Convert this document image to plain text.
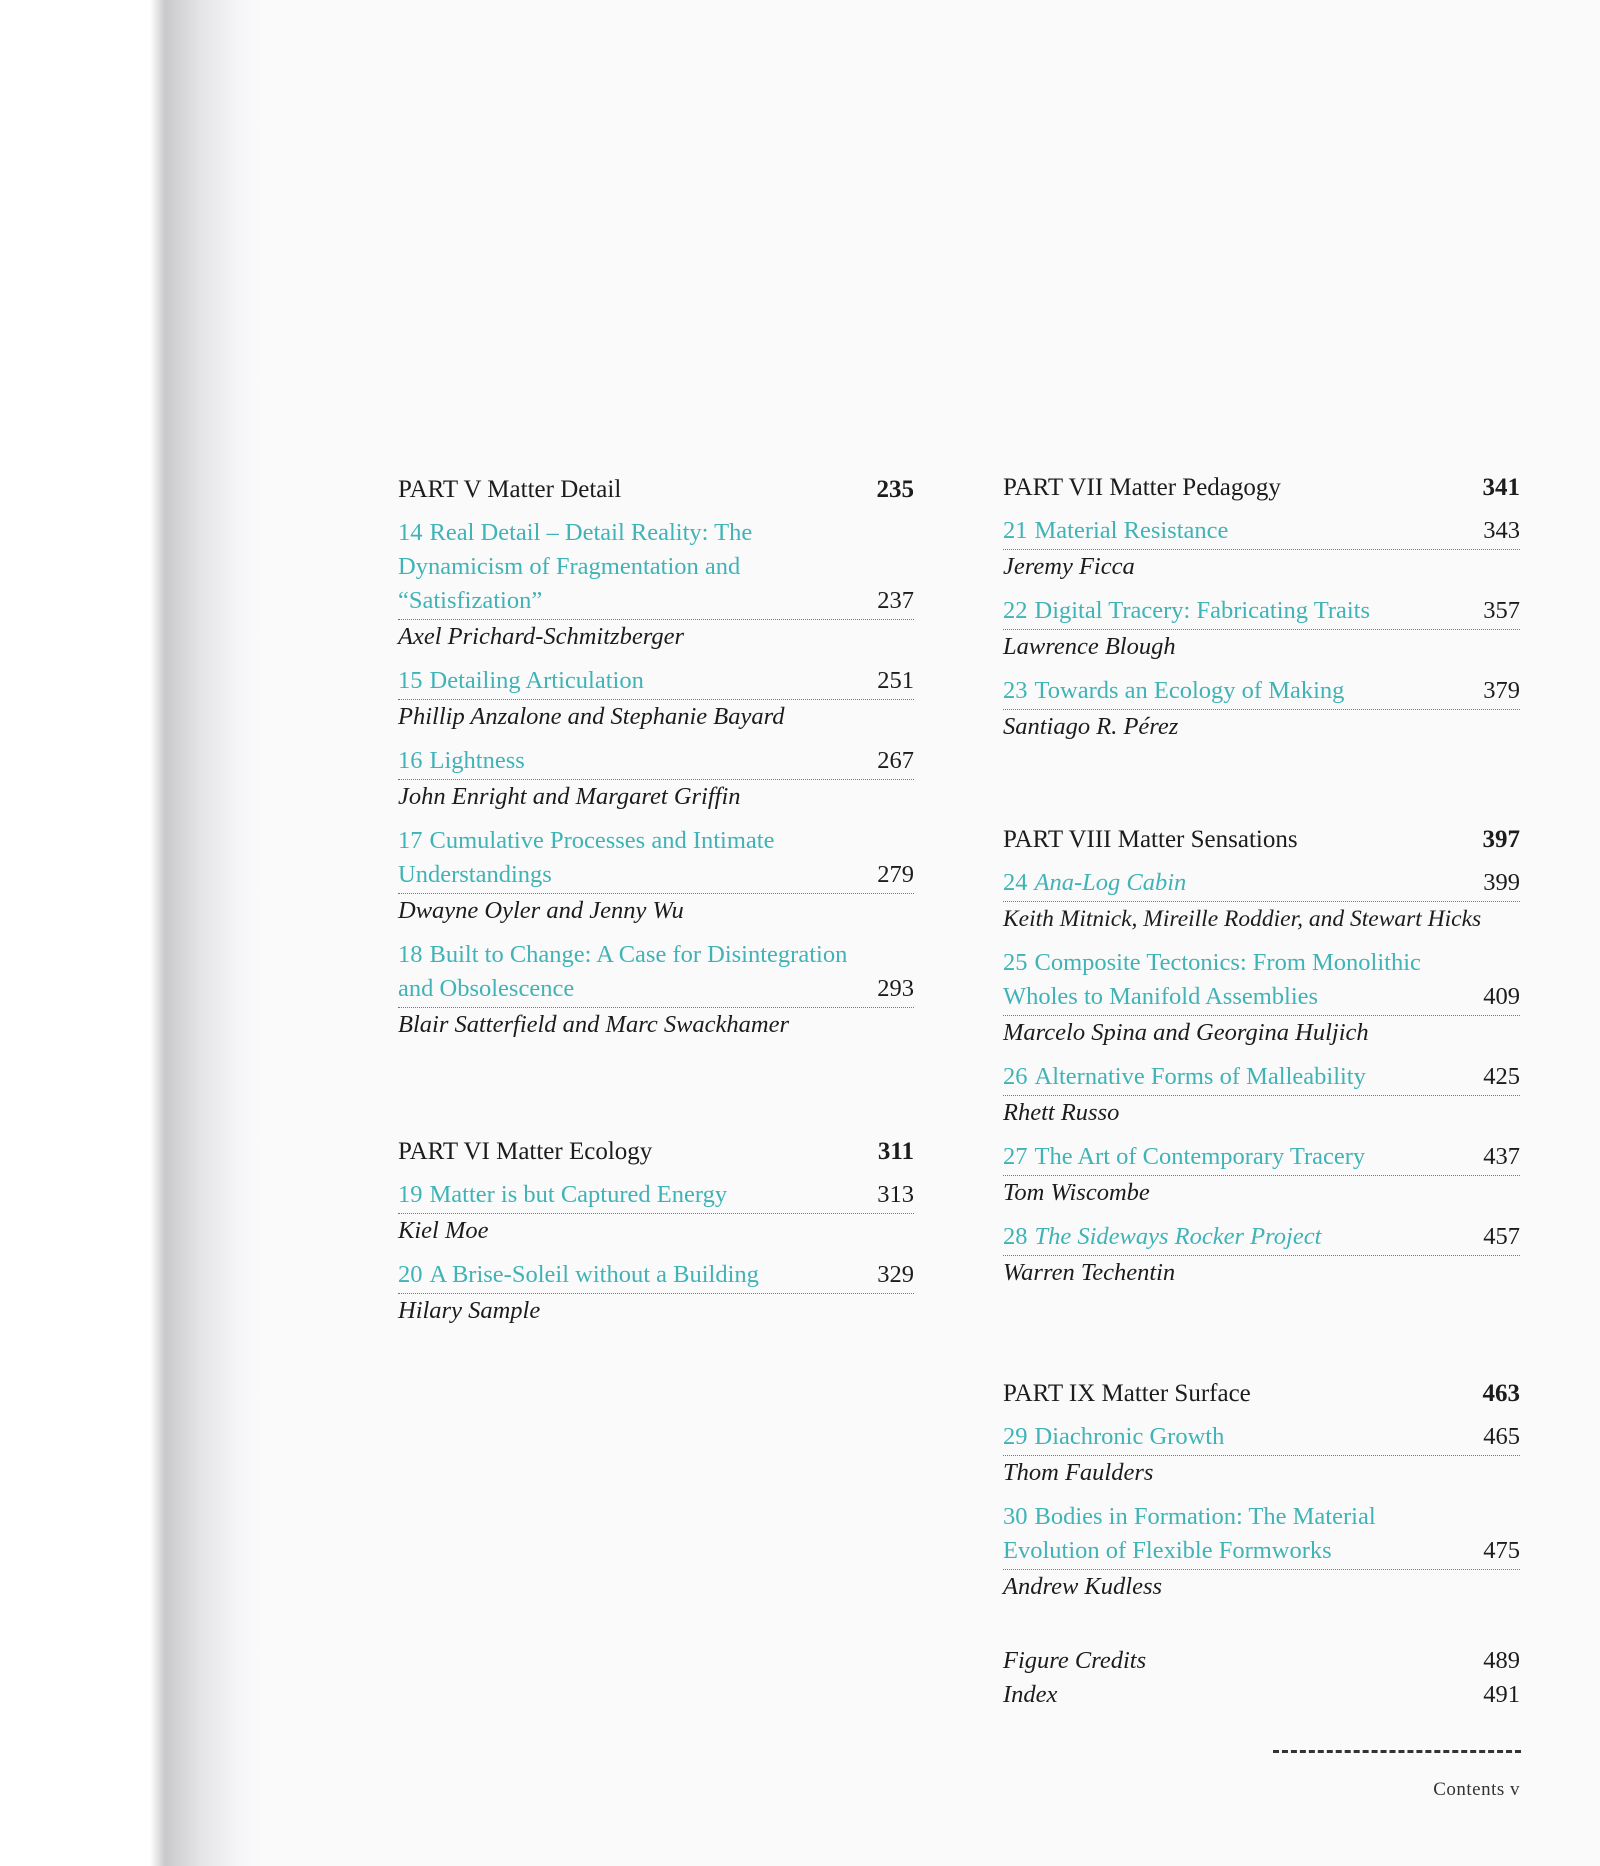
PART V Matter Detail	235
14 Real Detail – Detail Reality: The Dynamicism of Fragmentation and “Satisfization”	237
Axel Prichard-Schmitzberger
15 Detailing Articulation	251
Phillip Anzalone and Stephanie Bayard
16 Lightness	267
John Enright and Margaret Griffin
17 Cumulative Processes and Intimate Understandings	279
Dwayne Oyler and Jenny Wu
18 Built to Change: A Case for Disintegration and Obsolescence	293
Blair Satterfield and Marc Swackhamer
PART VI Matter Ecology	311
19 Matter is but Captured Energy	313
Kiel Moe
20 A Brise-Soleil without a Building	329
Hilary Sample
PART VII Matter Pedagogy	341
21 Material Resistance	343
Jeremy Ficca
22 Digital Tracery: Fabricating Traits	357
Lawrence Blough
23 Towards an Ecology of Making	379
Santiago R. Pérez
PART VIII Matter Sensations	397
24 Ana-Log Cabin	399
Keith Mitnick, Mireille Roddier, and Stewart Hicks
25 Composite Tectonics: From Monolithic Wholes to Manifold Assemblies	409
Marcelo Spina and Georgina Huljich
26 Alternative Forms of Malleability	425
Rhett Russo
27 The Art of Contemporary Tracery	437
Tom Wiscombe
28 The Sideways Rocker Project	457
Warren Techentin
PART IX Matter Surface	463
29 Diachronic Growth	465
Thom Faulders
30 Bodies in Formation: The Material Evolution of Flexible Formworks	475
Andrew Kudless
Figure Credits	489
Index	491
Contents v
